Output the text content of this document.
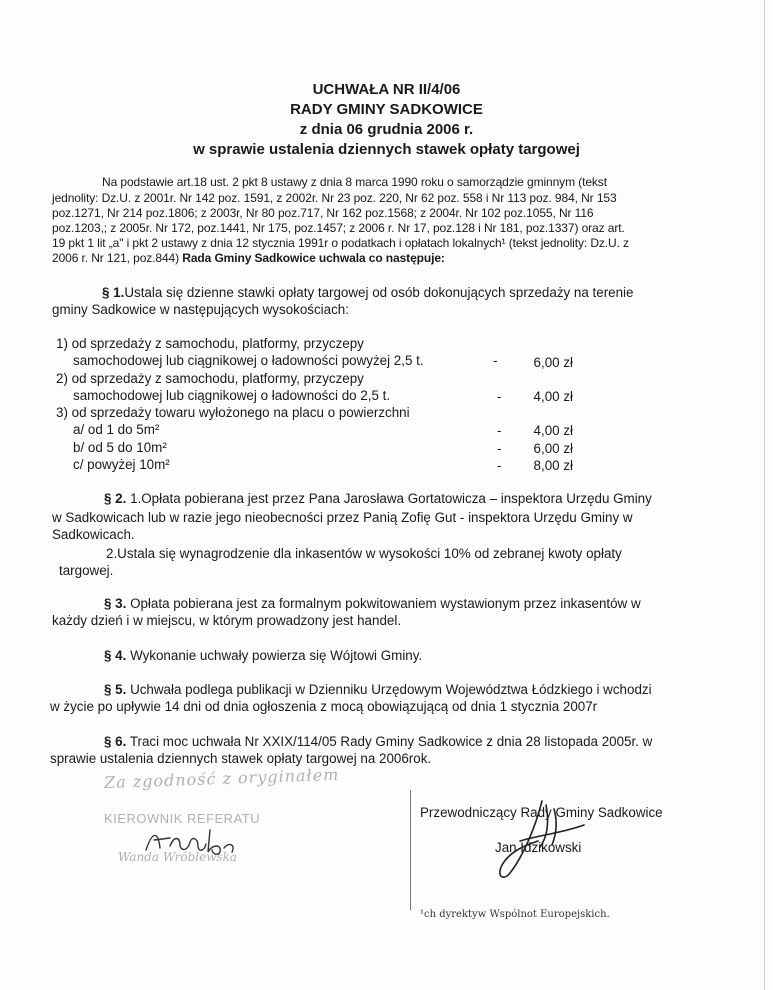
UCHWAŁA NR II/4/06
RADY GMINY SADKOWICE
z dnia 06 grudnia 2006 r.
w sprawie ustalenia dziennych stawek opłaty targowej
Na podstawie art.18 ust. 2 pkt 8 ustawy z dnia 8 marca 1990 roku o samorządzie gminnym (tekst
jednolity: Dz.U. z 2001r. Nr 142 poz. 1591, z 2002r. Nr 23 poz. 220, Nr 62 poz. 558 i Nr 113 poz. 984, Nr 153
poz.1271, Nr 214 poz.1806; z 2003r, Nr 80 poz.717, Nr 162 poz.1568; z 2004r. Nr 102 poz.1055, Nr 116
poz.1203,; z 2005r. Nr 172, poz.1441, Nr 175, poz.1457; z 2006 r. Nr 17, poz.128 i Nr 181, poz.1337) oraz art.
19 pkt 1 lit „a" i pkt 2 ustawy z dnia 12 stycznia 1991r o podatkach i opłatach lokalnych¹ (tekst jednolity: Dz.U. z
2006 r. Nr 121, poz.844) Rada Gminy Sadkowice uchwala co następuje:
§ 1.Ustala się dzienne stawki opłaty targowej od osób dokonujących sprzedaży na terenie
gminy Sadkowice w następujących wysokościach:
1) od sprzedaży z samochodu, platformy, przyczepy
samochodowej lub ciągnikowej o ładowności powyżej 2,5 t.	-	6,00 zł
2) od sprzedaży z samochodu, platformy, przyczepy
samochodowej lub ciągnikowej o ładowności do 2,5 t.	-	4,00 zł
3) od sprzedaży towaru wyłożonego na placu o powierzchni
a/ od 1 do 5m²	-	4,00 zł
b/ od 5 do 10m²	-	6,00 zł
c/ powyżej 10m²	-	8,00 zł
§ 2. 1.Opłata pobierana jest przez Pana Jarosława Gortatowicza – inspektora Urzędu Gminy
w Sadkowicach lub w razie jego nieobecności przez Panią Zofię Gut - inspektora Urzędu Gminy w
Sadkowicach.
2.Ustala się wynagrodzenie dla inkasentów w wysokości 10% od zebranej kwoty opłaty
targowej.
§ 3. Opłata pobierana jest za formalnym pokwitowaniem wystawionym przez inkasentów w
każdy dzień i w miejscu, w którym prowadzony jest handel.
§ 4. Wykonanie uchwały powierza się Wójtowi Gminy.
§ 5. Uchwała podlega publikacji w Dzienniku Urzędowym Województwa Łódzkiego i wchodzi
w życie po upływie 14 dni od dnia ogłoszenia z mocą obowiązującą od dnia 1 stycznia 2007r
§ 6. Traci moc uchwała Nr XXIX/114/05 Rady Gminy Sadkowice z dnia 28 listopada 2005r. w
sprawie ustalenia dziennych stawek opłaty targowej na 2006rok.
Za zgodność z oryginałem
KIEROWNIK REFERATU
Wanda Wróblewska
Przewodniczący Rady Gminy Sadkowice
Jan Idzikowski
¹ch dyrektyw Wspólnot Europejskich.
